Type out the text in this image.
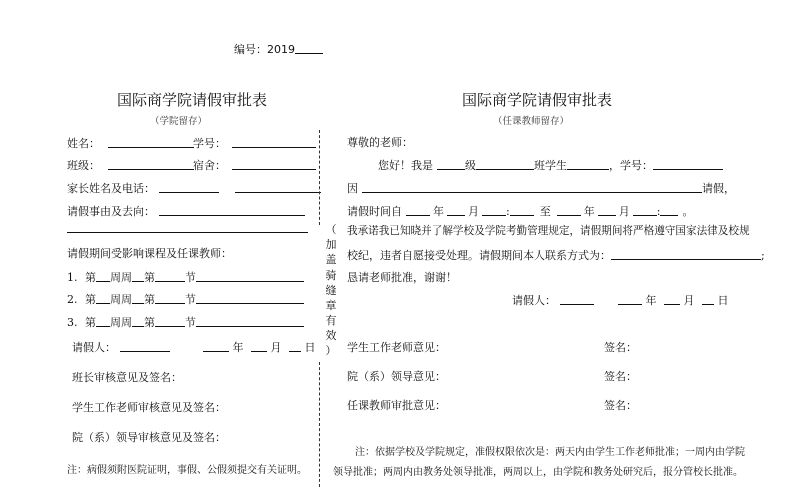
编号：2019
国际商学院请假审批表
（学院留存）
姓名：	学号：
班级：	宿舍：
家长姓名及电话：
请假事由及去向：
请假期间受影响课程及任课教师：
1. 第 周周 第	节
2. 第 周周 第	节
3. 第 周周 第	节
请假人：	年 月 日
班长审核意见及签名：
学生工作老师审核意见及签名：
院（系）领导审核意见及签名：
注：病假须附医院证明，事假、公假须提交有关证明。
（
加
盖
骑
缝
章
有
效
）
国际商学院请假审批表
（任课教师留存）
尊敬的老师：
您好！我是	级	班学生	，学号：
因	请假，
请假时间自	年 月 :	至	年 月 : 。
我承诺我已知晓并了解学校及学院考勤管理规定，请假期间将严格遵守国家法律及校规
校纪，违者自愿接受处理。请假期间本人联系方式为：	;
恳请老师批准，谢谢！
请假人：	年 月 日
学生工作老师意见：	签名：
院（系）领导意见：	签名：
任课教师审批意见：	签名：
注：依据学校及学院规定，准假权限依次是：两天内由学生工作老师批准；一周内由学院
领导批准；两周内由教务处领导批准，两周以上，由学院和教务处研究后，报分管校长批准。
